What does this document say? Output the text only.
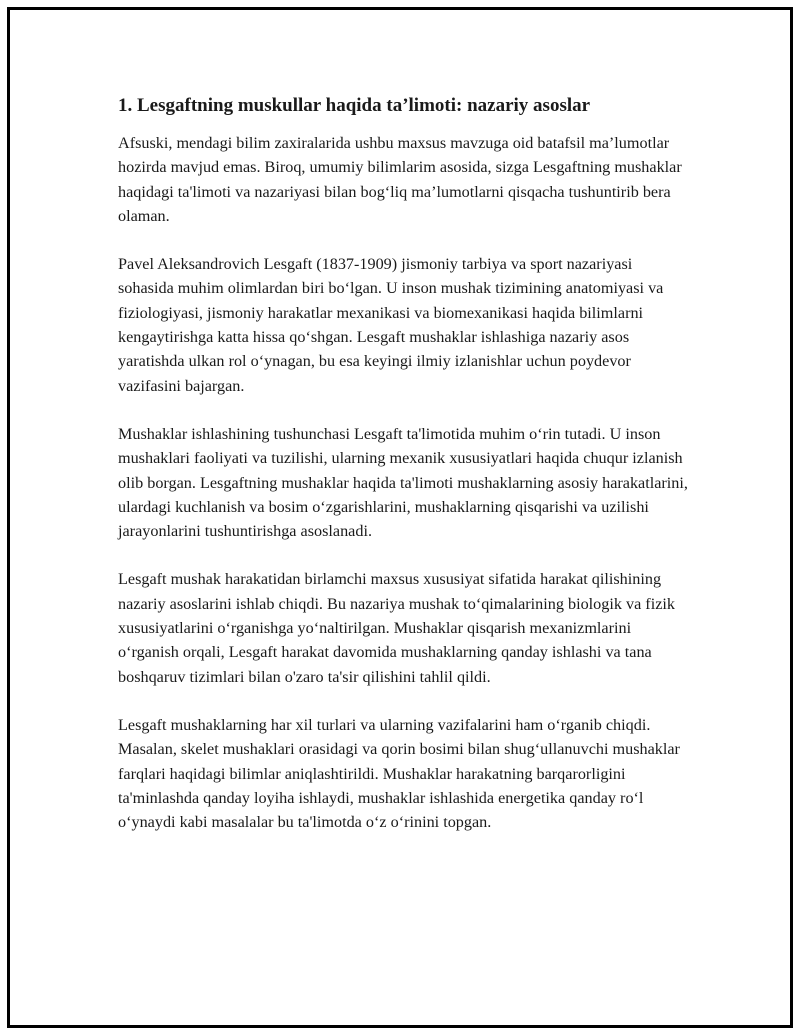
1. Lesgaftning muskullar haqida ta’limoti: nazariy asoslar

Afsuski, mendagi bilim zaxiralarida ushbu maxsus mavzuga oid batafsil ma’lumotlar hozirda mavjud emas. Biroq, umumiy bilimlarim asosida, sizga Lesgaftning mushaklar haqidagi ta'limoti va nazariyasi bilan bog‘liq ma’lumotlarni qisqacha tushuntirib bera olaman.

Pavel Aleksandrovich Lesgaft (1837-1909) jismoniy tarbiya va sport nazariyasi sohasida muhim olimlardan biri bo‘lgan. U inson mushak tizimining anatomiyasi va fiziologiyasi, jismoniy harakatlar mexanikasi va biomexanikasi haqida bilimlarni kengaytirishga katta hissa qo‘shgan. Lesgaft mushaklar ishlashiga nazariy asos yaratishda ulkan rol o‘ynagan, bu esa keyingi ilmiy izlanishlar uchun poydevor vazifasini bajargan.

Mushaklar ishlashining tushunchasi Lesgaft ta'limotida muhim o‘rin tutadi. U inson mushaklari faoliyati va tuzilishi, ularning mexanik xususiyatlari haqida chuqur izlanish olib borgan. Lesgaftning mushaklar haqida ta'limoti mushaklarning asosiy harakatlarini, ulardagi kuchlanish va bosim o‘zgarishlarini, mushaklarning qisqarishi va uzilishi jarayonlarini tushuntirishga asoslanadi.

Lesgaft mushak harakatidan birlamchi maxsus xususiyat sifatida harakat qilishining nazariy asoslarini ishlab chiqdi. Bu nazariya mushak to‘qimalarining biologik va fizik xususiyatlarini o‘rganishga yo‘naltirilgan. Mushaklar qisqarish mexanizmlarini o‘rganish orqali, Lesgaft harakat davomida mushaklarning qanday ishlashi va tana boshqaruv tizimlari bilan o'zaro ta'sir qilishini tahlil qildi.

Lesgaft mushaklarning har xil turlari va ularning vazifalarini ham o‘rganib chiqdi. Masalan, skelet mushaklari orasidagi va qorin bosimi bilan shug‘ullanuvchi mushaklar farqlari haqidagi bilimlar aniqlashtirildi. Mushaklar harakatning barqarorligini ta'minlashda qanday loyiha ishlaydi, mushaklar ishlashida energetika qanday ro‘l o‘ynaydi kabi masalalar bu ta'limotda o‘z o‘rinini topgan.
